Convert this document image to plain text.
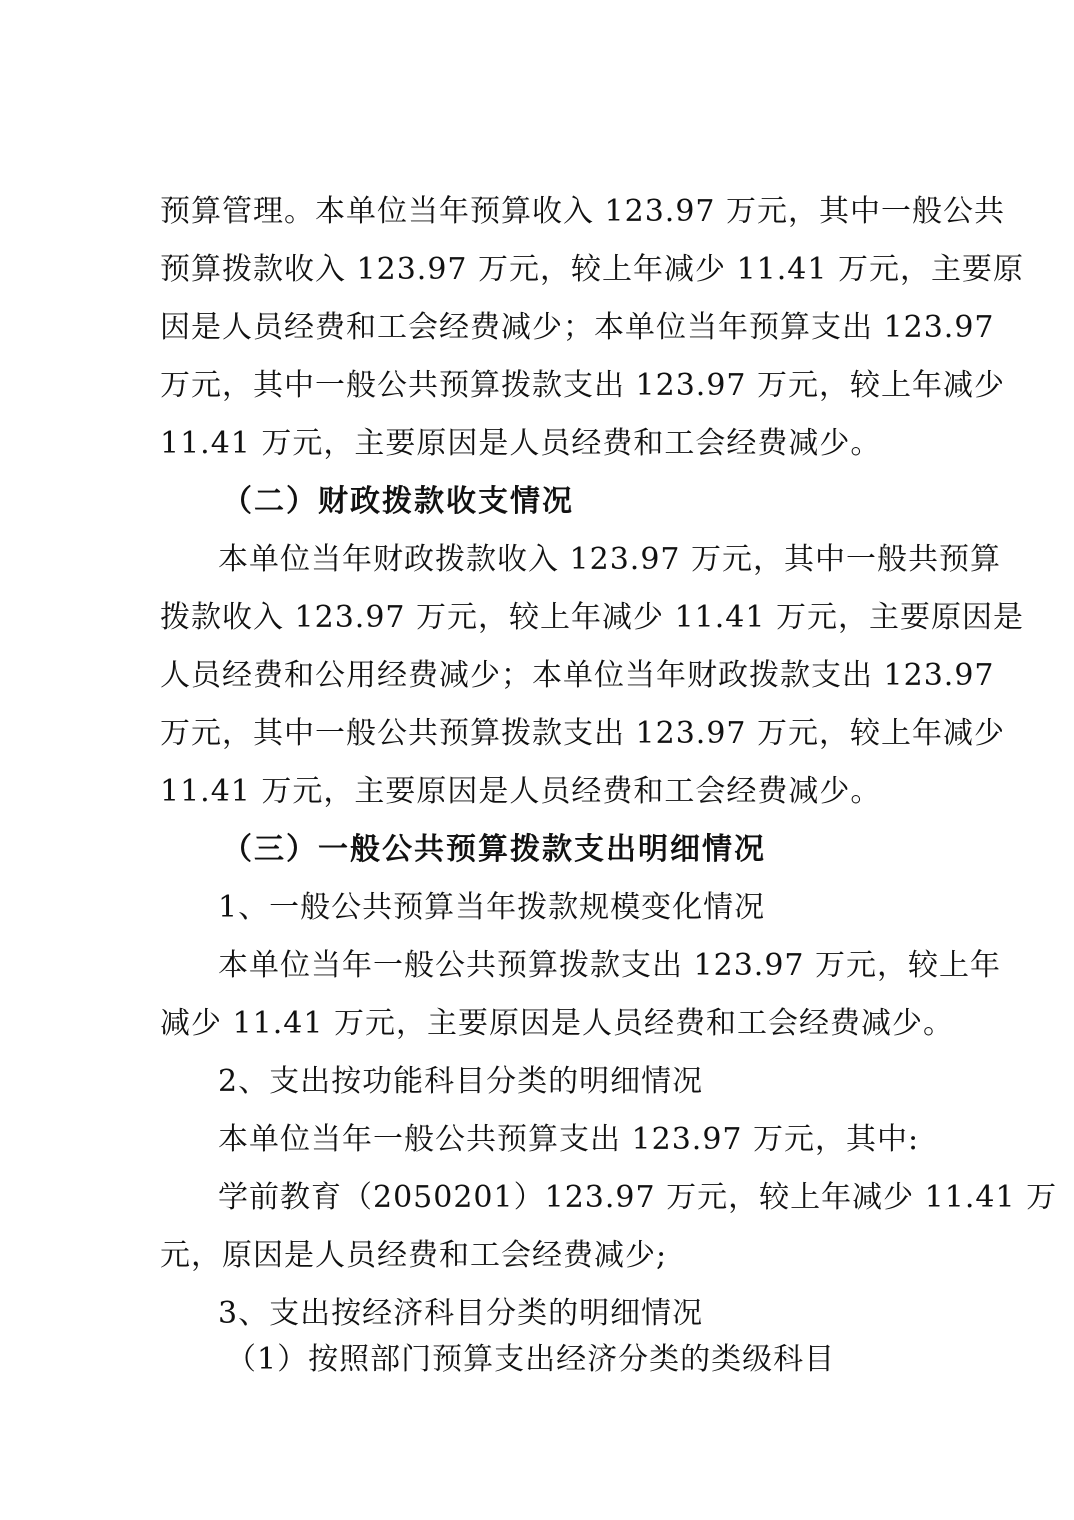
预算管理。本单位当年预算收入 123.97 万元，其中一般公共
预算拨款收入 123.97 万元，较上年减少 11.41 万元，主要原
因是人员经费和工会经费减少；本单位当年预算支出 123.97
万元，其中一般公共预算拨款支出 123.97 万元，较上年减少
11.41 万元，主要原因是人员经费和工会经费减少。
（二）财政拨款收支情况
本单位当年财政拨款收入 123.97 万元，其中一般共预算
拨款收入 123.97 万元，较上年减少 11.41 万元，主要原因是
人员经费和公用经费减少；本单位当年财政拨款支出 123.97
万元，其中一般公共预算拨款支出 123.97 万元，较上年减少
11.41 万元，主要原因是人员经费和工会经费减少。
（三）一般公共预算拨款支出明细情况
1、一般公共预算当年拨款规模变化情况
本单位当年一般公共预算拨款支出 123.97 万元，较上年
减少 11.41 万元，主要原因是人员经费和工会经费减少。
2、支出按功能科目分类的明细情况
本单位当年一般公共预算支出 123.97 万元，其中:
学前教育（2050201）123.97 万元，较上年减少 11.41 万
元，原因是人员经费和工会经费减少;
3、支出按经济科目分类的明细情况
（1）按照部门预算支出经济分类的类级科目
